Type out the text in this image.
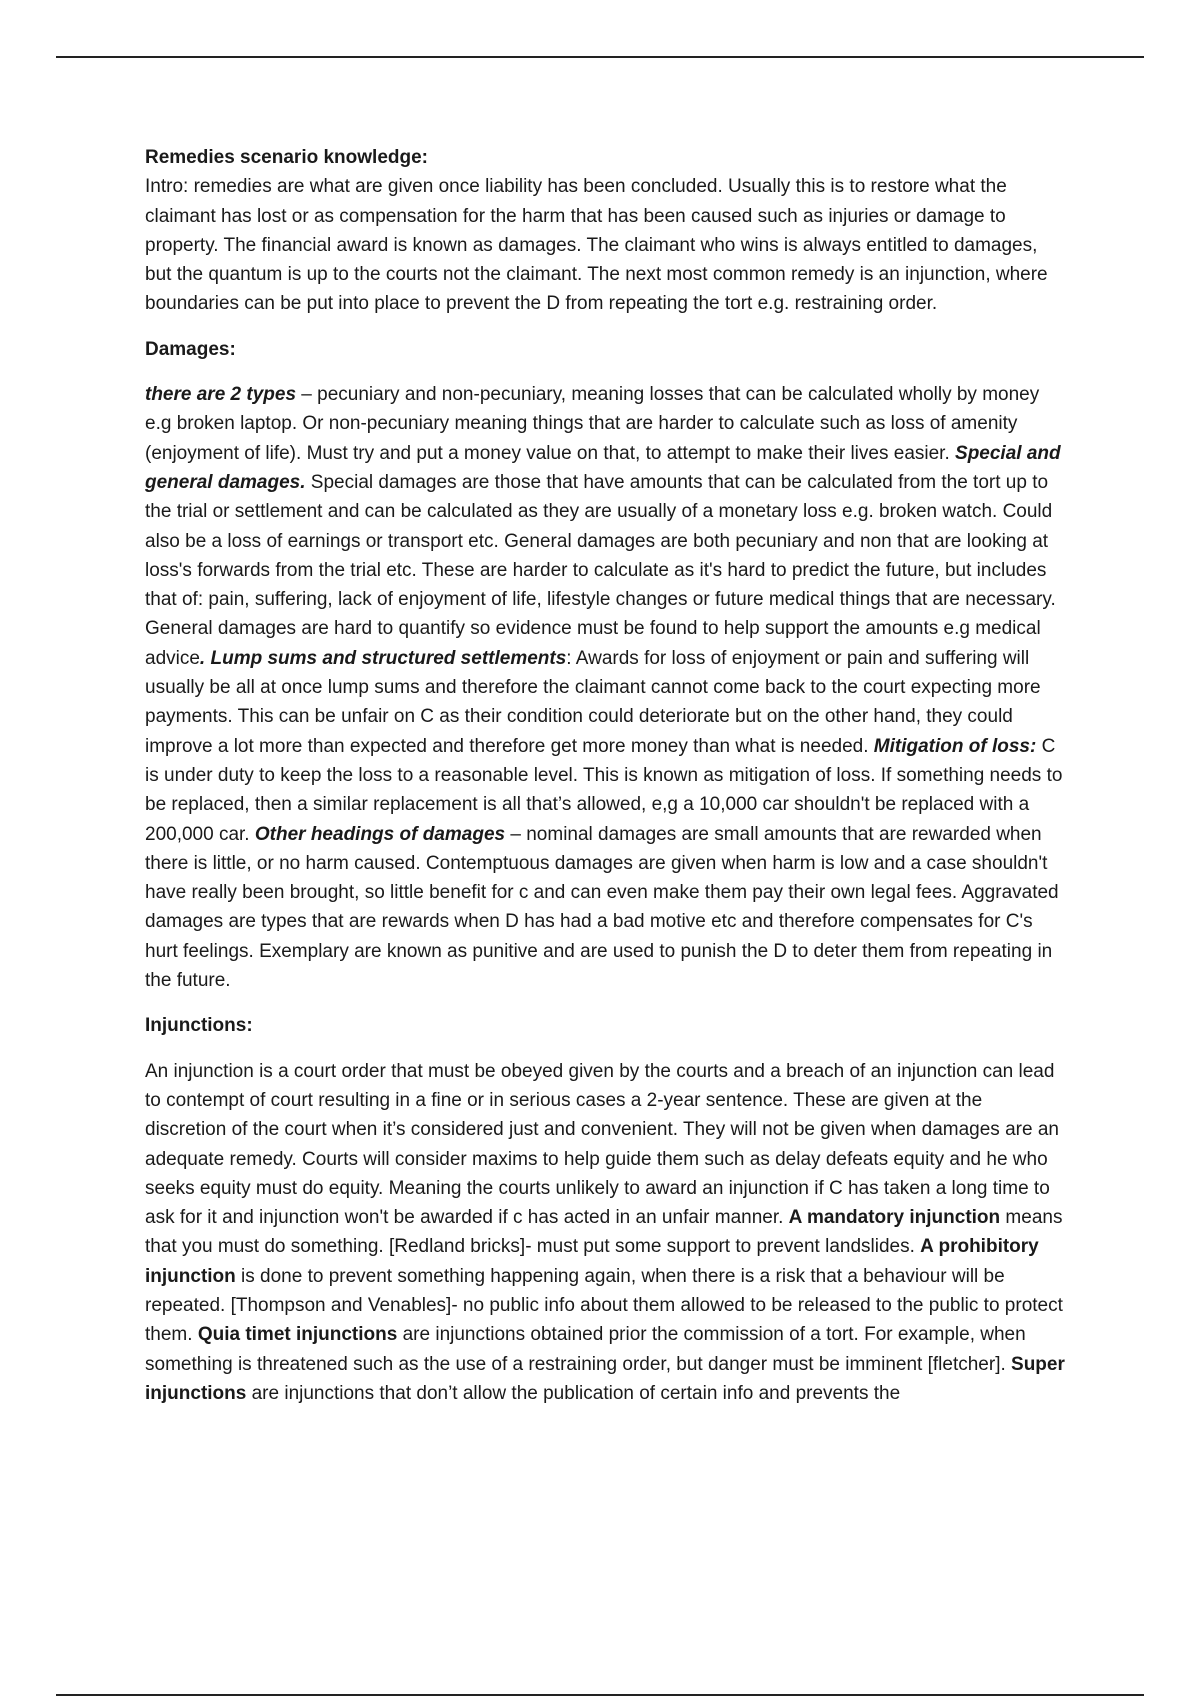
Remedies scenario knowledge:

Intro: remedies are what are given once liability has been concluded. Usually this is to restore what the claimant has lost or as compensation for the harm that has been caused such as injuries or damage to property. The financial award is known as damages. The claimant who wins is always entitled to damages, but the quantum is up to the courts not the claimant. The next most common remedy is an injunction, where boundaries can be put into place to prevent the D from repeating the tort e.g. restraining order.

Damages:

there are 2 types – pecuniary and non-pecuniary, meaning losses that can be calculated wholly by money e.g broken laptop. Or non-pecuniary meaning things that are harder to calculate such as loss of amenity (enjoyment of life). Must try and put a money value on that, to attempt to make their lives easier. Special and general damages. Special damages are those that have amounts that can be calculated from the tort up to the trial or settlement and can be calculated as they are usually of a monetary loss e.g. broken watch. Could also be a loss of earnings or transport etc. General damages are both pecuniary and non that are looking at loss's forwards from the trial etc. These are harder to calculate as it's hard to predict the future, but includes that of: pain, suffering, lack of enjoyment of life, lifestyle changes or future medical things that are necessary. General damages are hard to quantify so evidence must be found to help support the amounts e.g medical advice. Lump sums and structured settlements: Awards for loss of enjoyment or pain and suffering will usually be all at once lump sums and therefore the claimant cannot come back to the court expecting more payments. This can be unfair on C as their condition could deteriorate but on the other hand, they could improve a lot more than expected and therefore get more money than what is needed. Mitigation of loss: C is under duty to keep the loss to a reasonable level. This is known as mitigation of loss. If something needs to be replaced, then a similar replacement is all that’s allowed, e,g a 10,000 car shouldn't be replaced with a 200,000 car. Other headings of damages – nominal damages are small amounts that are rewarded when there is little, or no harm caused. Contemptuous damages are given when harm is low and a case shouldn't have really been brought, so little benefit for c and can even make them pay their own legal fees. Aggravated damages are types that are rewards when D has had a bad motive etc and therefore compensates for C's hurt feelings. Exemplary are known as punitive and are used to punish the D to deter them from repeating in the future.

Injunctions:

An injunction is a court order that must be obeyed given by the courts and a breach of an injunction can lead to contempt of court resulting in a fine or in serious cases a 2-year sentence. These are given at the discretion of the court when it’s considered just and convenient. They will not be given when damages are an adequate remedy. Courts will consider maxims to help guide them such as delay defeats equity and he who seeks equity must do equity. Meaning the courts unlikely to award an injunction if C has taken a long time to ask for it and injunction won't be awarded if c has acted in an unfair manner. A mandatory injunction means that you must do something. [Redland bricks]- must put some support to prevent landslides. A prohibitory injunction is done to prevent something happening again, when there is a risk that a behaviour will be repeated. [Thompson and Venables]- no public info about them allowed to be released to the public to protect them. Quia timet injunctions are injunctions obtained prior the commission of a tort. For example, when something is threatened such as the use of a restraining order, but danger must be imminent [fletcher]. Super injunctions are injunctions that don’t allow the publication of certain info and prevents the
